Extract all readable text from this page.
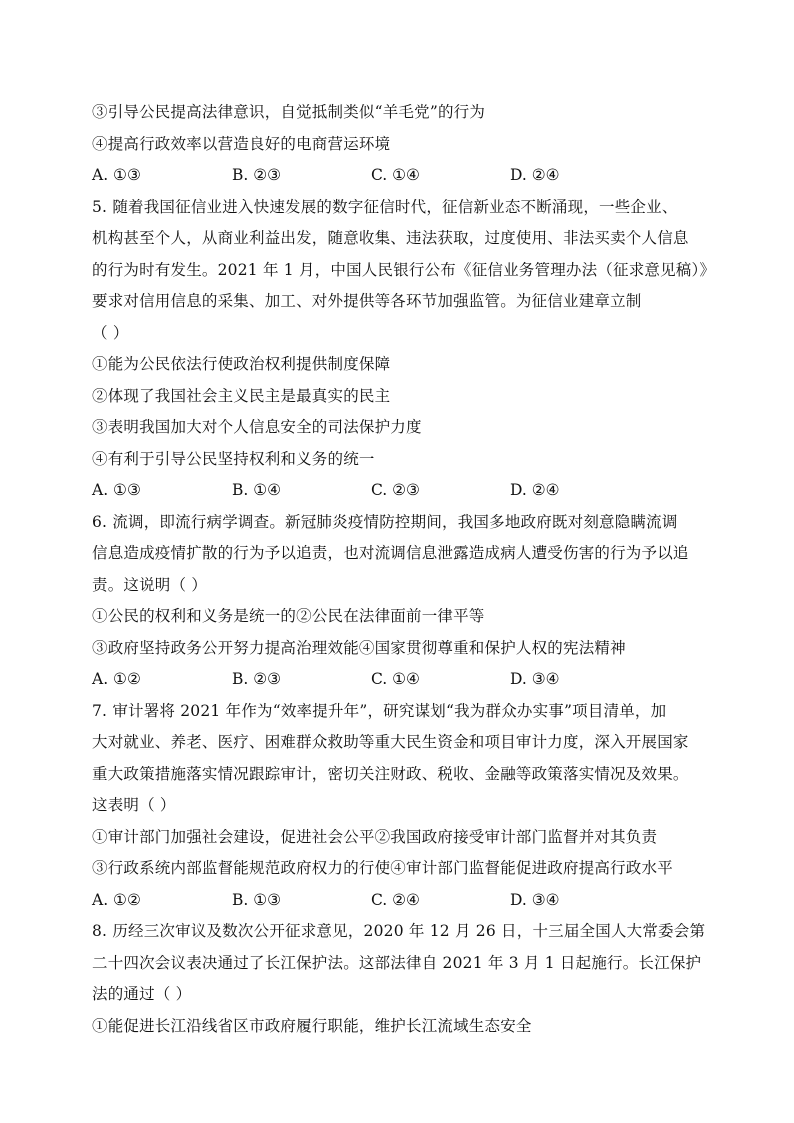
③引导公民提高法律意识，自觉抵制类似“羊毛党”的行为
④提高行政效率以营造良好的电商营运环境
A. ①③	B. ②③	C. ①④	D. ②④
5. 随着我国征信业进入快速发展的数字征信时代，征信新业态不断涌现，一些企业、
机构甚至个人，从商业利益出发，随意收集、违法获取，过度使用、非法买卖个人信息
的行为时有发生。2021 年 1 月，中国人民银行公布《征信业务管理办法（征求意见稿）》
要求对信用信息的采集、加工、对外提供等各环节加强监管。为征信业建章立制
（ ）
①能为公民依法行使政治权利提供制度保障
②体现了我国社会主义民主是最真实的民主
③表明我国加大对个人信息安全的司法保护力度
④有利于引导公民坚持权利和义务的统一
A. ①③	B. ①④	C. ②③	D. ②④
6. 流调，即流行病学调查。新冠肺炎疫情防控期间，我国多地政府既对刻意隐瞒流调
信息造成疫情扩散的行为予以追责，也对流调信息泄露造成病人遭受伤害的行为予以追
责。这说明（ ）
①公民的权利和义务是统一的②公民在法律面前一律平等
③政府坚持政务公开努力提高治理效能④国家贯彻尊重和保护人权的宪法精神
A. ①②	B. ②③	C. ①④	D. ③④
7. 审计署将 2021 年作为“效率提升年”，研究谋划“我为群众办实事”项目清单，加
大对就业、养老、医疗、困难群众救助等重大民生资金和项目审计力度，深入开展国家
重大政策措施落实情况跟踪审计，密切关注财政、税收、金融等政策落实情况及效果。
这表明（ ）
①审计部门加强社会建设，促进社会公平②我国政府接受审计部门监督并对其负责
③行政系统内部监督能规范政府权力的行使④审计部门监督能促进政府提高行政水平
A. ①②	B. ①③	C. ②④	D. ③④
8. 历经三次审议及数次公开征求意见，2020 年 12 月 26 日，十三届全国人大常委会第
二十四次会议表决通过了长江保护法。这部法律自 2021 年 3 月 1 日起施行。长江保护
法的通过（ ）
①能促进长江沿线省区市政府履行职能，维护长江流域生态安全
